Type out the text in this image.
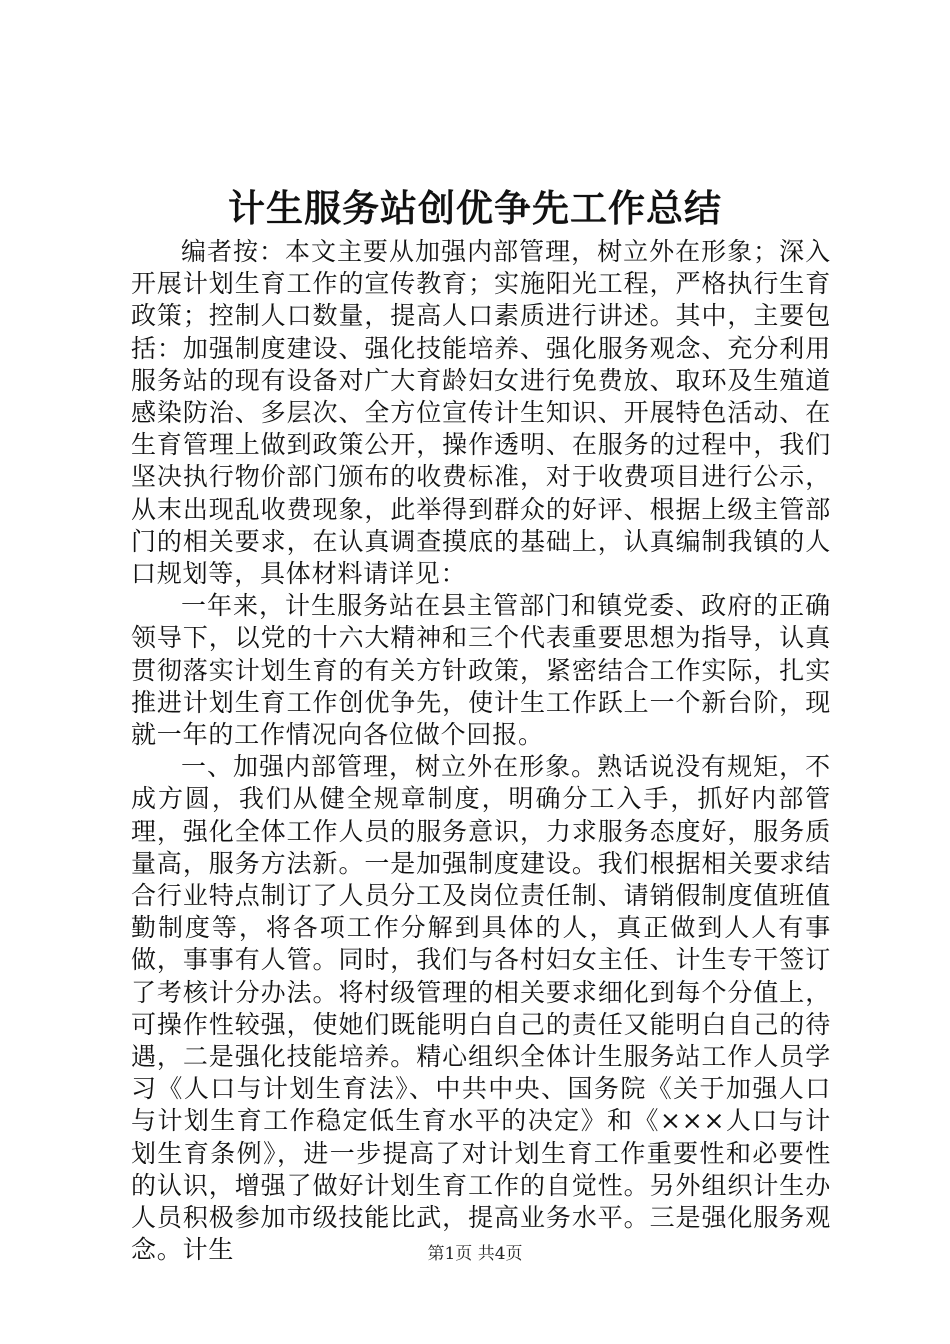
计生服务站创优争先工作总结

编者按：本文主要从加强内部管理，树立外在形象；深入开展计划生育工作的宣传教育；实施阳光工程，严格执行生育政策；控制人口数量，提高人口素质进行讲述。其中，主要包括：加强制度建设、强化技能培养、强化服务观念、充分利用服务站的现有设备对广大育龄妇女进行免费放、取环及生殖道感染防治、多层次、全方位宣传计生知识、开展特色活动、在生育管理上做到政策公开，操作透明、在服务的过程中，我们坚决执行物价部门颁布的收费标准，对于收费项目进行公示，从末出现乱收费现象，此举得到群众的好评、根据上级主管部门的相关要求，在认真调查摸底的基础上，认真编制我镇的人口规划等，具体材料请详见：

一年来，计生服务站在县主管部门和镇党委、政府的正确领导下，以党的十六大精神和三个代表重要思想为指导，认真贯彻落实计划生育的有关方针政策，紧密结合工作实际，扎实推进计划生育工作创优争先，使计生工作跃上一个新台阶，现就一年的工作情况向各位做个回报。

一、加强内部管理，树立外在形象。熟话说没有规矩，不成方圆，我们从健全规章制度，明确分工入手，抓好内部管理，强化全体工作人员的服务意识，力求服务态度好，服务质量高，服务方法新。一是加强制度建设。我们根据相关要求结合行业特点制订了人员分工及岗位责任制、请销假制度值班值勤制度等，将各项工作分解到具体的人，真正做到人人有事做，事事有人管。同时，我们与各村妇女主任、计生专干签订了考核计分办法。将村级管理的相关要求细化到每个分值上，可操作性较强，使她们既能明白自己的责任又能明白自己的待遇，二是强化技能培养。精心组织全体计生服务站工作人员学习《人口与计划生育法》、中共中央、国务院《关于加强人口与计划生育工作稳定低生育水平的决定》和《×××人口与计划生育条例》，进一步提高了对计划生育工作重要性和必要性的认识，增强了做好计划生育工作的自觉性。另外组织计生办人员积极参加市级技能比武，提高业务水平。三是强化服务观念。计生	第1页 共4页
